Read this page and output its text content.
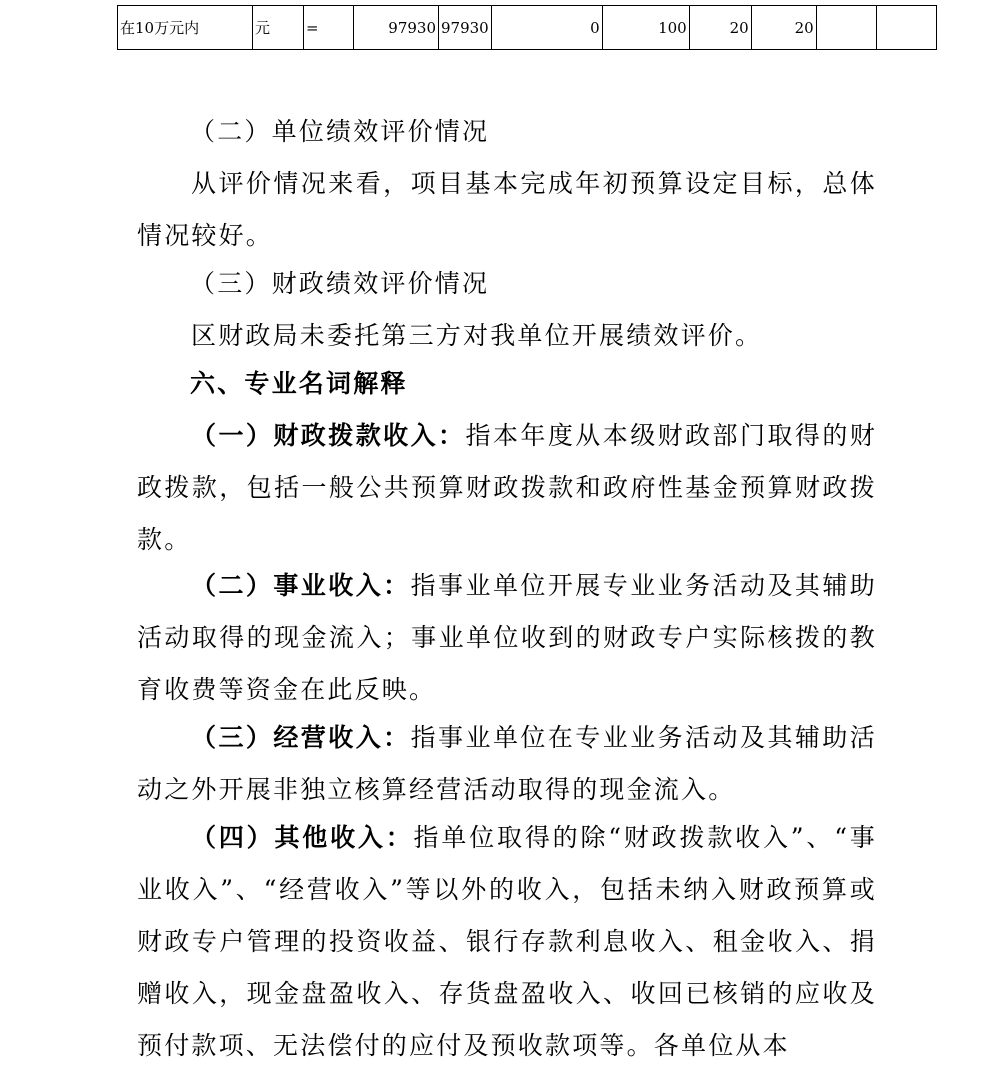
在10万元内	元	=	97930	97930	0	100	20	20		
（二）单位绩效评价情况
从评价情况来看，项目基本完成年初预算设定目标，总体情况较好。
（三）财政绩效评价情况
区财政局未委托第三方对我单位开展绩效评价。
六、专业名词解释
（一）财政拨款收入：指本年度从本级财政部门取得的财政拨款，包括一般公共预算财政拨款和政府性基金预算财政拨款。
（二）事业收入：指事业单位开展专业业务活动及其辅助活动取得的现金流入；事业单位收到的财政专户实际核拨的教育收费等资金在此反映。
（三）经营收入：指事业单位在专业业务活动及其辅助活动之外开展非独立核算经营活动取得的现金流入。
（四）其他收入：指单位取得的除“财政拨款收入”、“事业收入”、“经营收入”等以外的收入，包括未纳入财政预算或财政专户管理的投资收益、银行存款利息收入、租金收入、捐赠收入，现金盘盈收入、存货盘盈收入、收回已核销的应收及预付款项、无法偿付的应付及预收款项等。各单位从本
